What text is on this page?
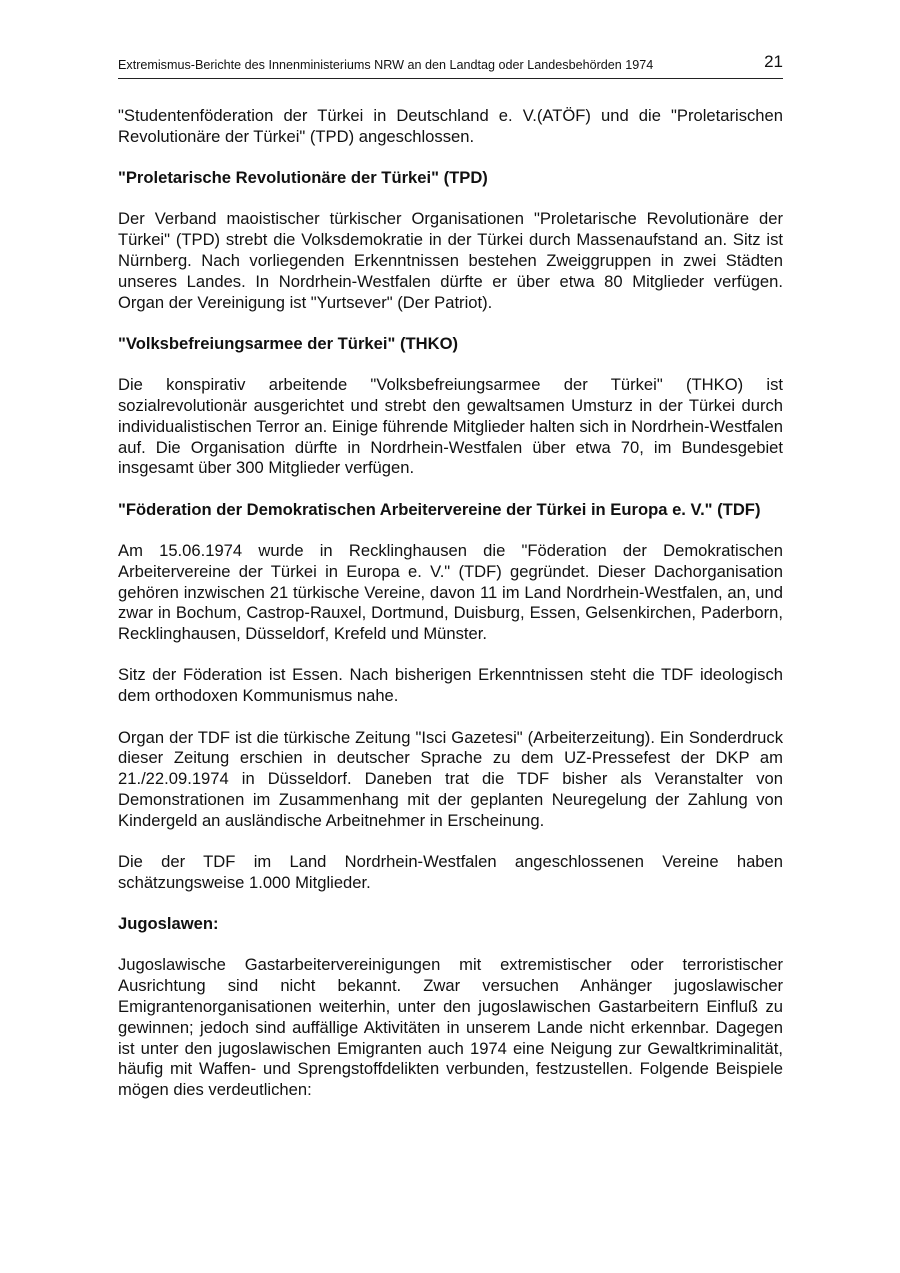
Extremismus-Berichte des Innenministeriums NRW an den Landtag oder Landesbehörden 1974	21

"Studentenföderation der Türkei in Deutschland e. V.(ATÖF) und die "Proletarischen Revolutionäre der Türkei" (TPD) angeschlossen.

"Proletarische Revolutionäre der Türkei" (TPD)

Der Verband maoistischer türkischer Organisationen "Proletarische Revolutionäre der Türkei" (TPD) strebt die Volksdemokratie in der Türkei durch Massenaufstand an. Sitz ist Nürnberg. Nach vorliegenden Erkenntnissen bestehen Zweiggruppen in zwei Städten unseres Landes. In Nordrhein-Westfalen dürfte er über etwa 80 Mitglieder verfügen. Organ der Vereinigung ist "Yurtsever" (Der Patriot).

"Volksbefreiungsarmee der Türkei" (THKO)

Die konspirativ arbeitende "Volksbefreiungsarmee der Türkei" (THKO) ist sozialrevolutionär ausgerichtet und strebt den gewaltsamen Umsturz in der Türkei durch individualistischen Terror an. Einige führende Mitglieder halten sich in Nordrhein-Westfalen auf. Die Organisation dürfte in Nordrhein-Westfalen über etwa 70, im Bundesgebiet insgesamt über 300 Mitglieder verfügen.

"Föderation der Demokratischen Arbeitervereine der Türkei in Europa e. V." (TDF)

Am 15.06.1974 wurde in Recklinghausen die "Föderation der Demokratischen Arbeitervereine der Türkei in Europa e. V." (TDF) gegründet. Dieser Dachorganisation gehören inzwischen 21 türkische Vereine, davon 11 im Land Nordrhein-Westfalen, an, und zwar in Bochum, Castrop-Rauxel, Dortmund, Duisburg, Essen, Gelsenkirchen, Paderborn, Recklinghausen, Düsseldorf, Krefeld und Münster.

Sitz der Föderation ist Essen. Nach bisherigen Erkenntnissen steht die TDF ideologisch dem orthodoxen Kommunismus nahe.

Organ der TDF ist die türkische Zeitung "Isci Gazetesi" (Arbeiterzeitung). Ein Sonderdruck dieser Zeitung erschien in deutscher Sprache zu dem UZ-Pressefest der DKP am 21./22.09.1974 in Düsseldorf. Daneben trat die TDF bisher als Veranstalter von Demonstrationen im Zusammenhang mit der geplanten Neuregelung der Zahlung von Kindergeld an ausländische Arbeitnehmer in Erscheinung.

Die der TDF im Land Nordrhein-Westfalen angeschlossenen Vereine haben schätzungsweise 1.000 Mitglieder.

Jugoslawen:

Jugoslawische Gastarbeitervereinigungen mit extremistischer oder terroristischer Ausrichtung sind nicht bekannt. Zwar versuchen Anhänger jugoslawischer Emigrantenorganisationen weiterhin, unter den jugoslawischen Gastarbeitern Einfluß zu gewinnen; jedoch sind auffällige Aktivitäten in unserem Lande nicht erkennbar. Dagegen ist unter den jugoslawischen Emigranten auch 1974 eine Neigung zur Gewaltkriminalität, häufig mit Waffen- und Sprengstoffdelikten verbunden, festzustellen. Folgende Beispiele mögen dies verdeutlichen:
